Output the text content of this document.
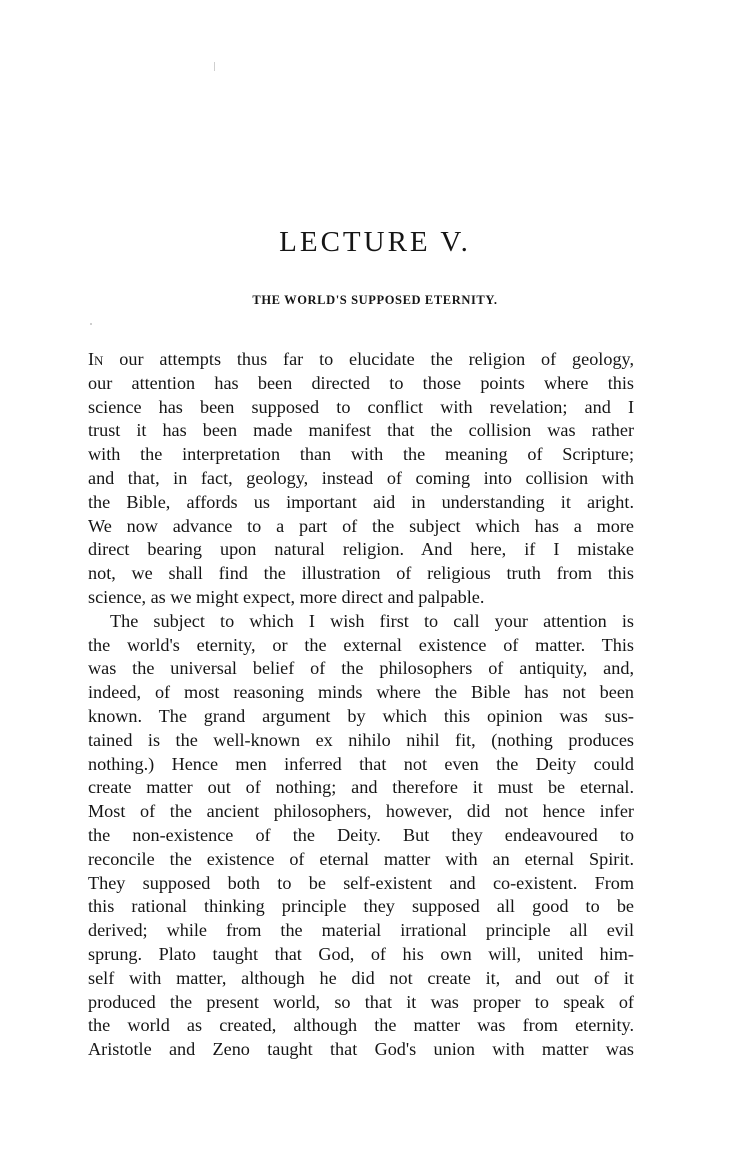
LECTURE V.
THE WORLD'S SUPPOSED ETERNITY.
In our attempts thus far to elucidate the religion of geology,
our attention has been directed to those points where this
science has been supposed to conflict with revelation; and I
trust it has been made manifest that the collision was rather
with the interpretation than with the meaning of Scripture;
and that, in fact, geology, instead of coming into collision with
the Bible, affords us important aid in understanding it aright.
We now advance to a part of the subject which has a more
direct bearing upon natural religion. And here, if I mistake
not, we shall find the illustration of religious truth from this
science, as we might expect, more direct and palpable.
The subject to which I wish first to call your attention is
the world's eternity, or the external existence of matter. This
was the universal belief of the philosophers of antiquity, and,
indeed, of most reasoning minds where the Bible has not been
known. The grand argument by which this opinion was sus-
tained is the well-known ex nihilo nihil fit, (nothing produces
nothing.) Hence men inferred that not even the Deity could
create matter out of nothing; and therefore it must be eternal.
Most of the ancient philosophers, however, did not hence infer
the non-existence of the Deity. But they endeavoured to
reconcile the existence of eternal matter with an eternal Spirit.
They supposed both to be self-existent and co-existent. From
this rational thinking principle they supposed all good to be
derived; while from the material irrational principle all evil
sprung. Plato taught that God, of his own will, united him-
self with matter, although he did not create it, and out of it
produced the present world, so that it was proper to speak of
the world as created, although the matter was from eternity.
Aristotle and Zeno taught that God's union with matter was
